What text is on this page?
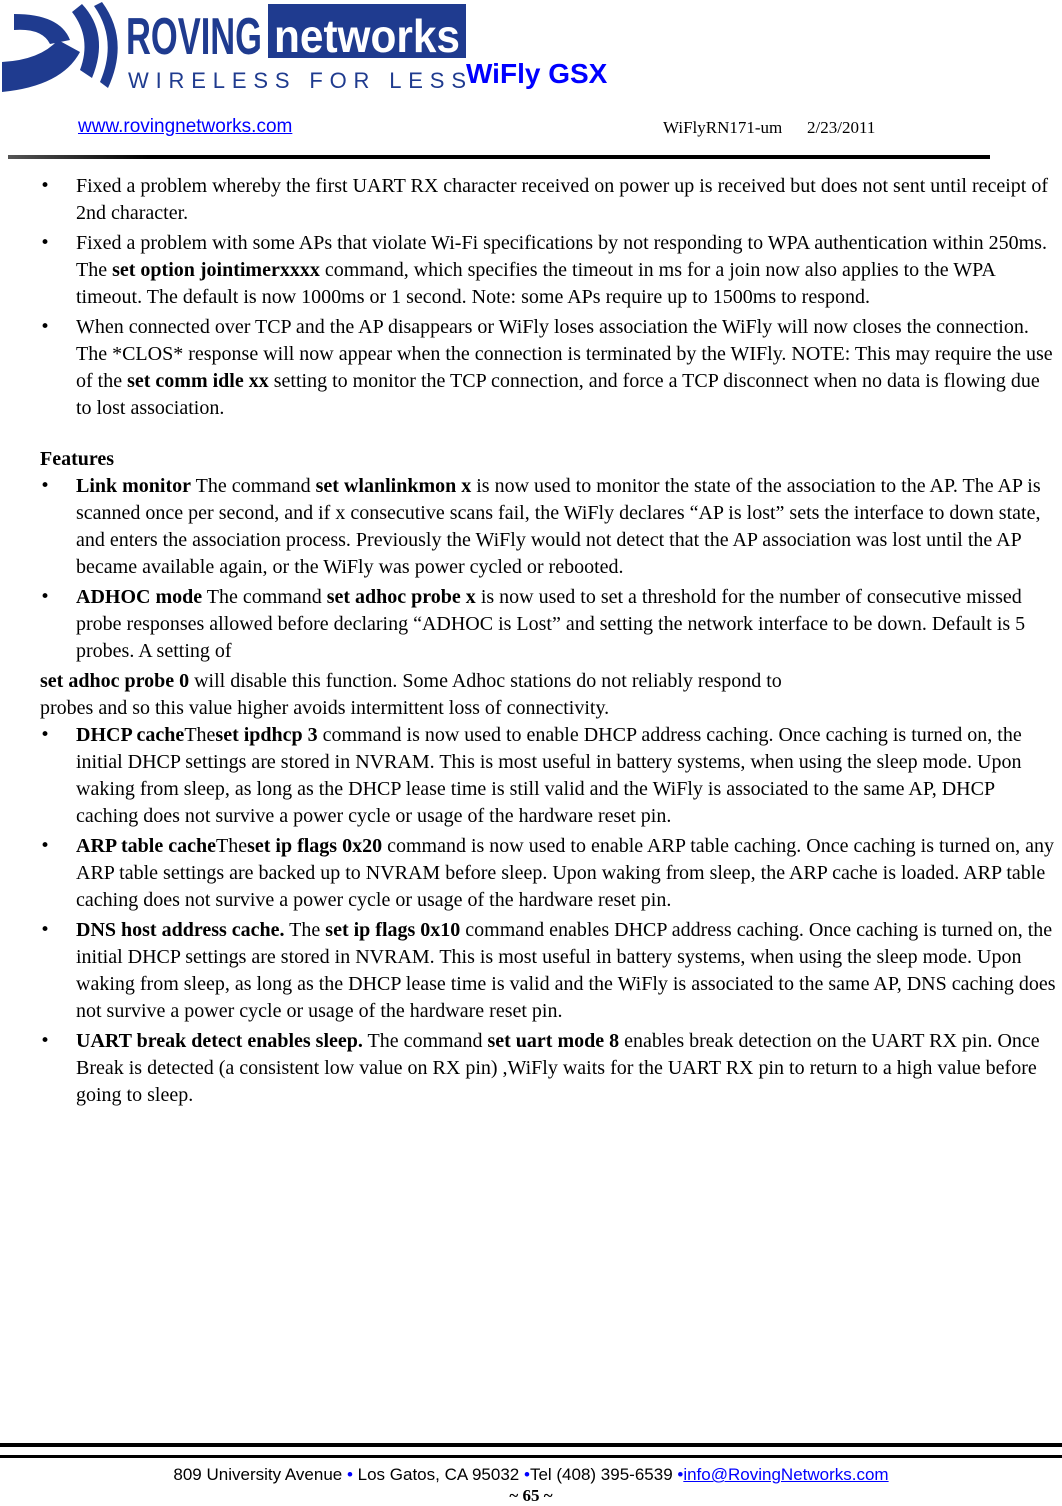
ROVING networks
WIRELESS FOR LESS WiFly GSX
www.rovingnetworks.com	WiFlyRN171-um 2/23/2011
• Fixed a problem whereby the first UART RX character received on power up is received but does not sent until receipt of 2nd character.
• Fixed a problem with some APs that violate Wi-Fi specifications by not responding to WPA authentication within 250ms. The set option jointimerxxxx command, which specifies the timeout in ms for a join now also applies to the WPA timeout. The default is now 1000ms or 1 second. Note: some APs require up to 1500ms to respond.
• When connected over TCP and the AP disappears or WiFly loses association the WiFly will now closes the connection. The *CLOS* response will now appear when the connection is terminated by the WIFly. NOTE: This may require the use of the set comm idle xx setting to monitor the TCP connection, and force a TCP disconnect when no data is flowing due to lost association.
Features
• Link monitor The command set wlanlinkmon x is now used to monitor the state of the association to the AP. The AP is scanned once per second, and if x consecutive scans fail, the WiFly declares “AP is lost” sets the interface to down state, and enters the association process. Previously the WiFly would not detect that the AP association was lost until the AP became available again, or the WiFly was power cycled or rebooted.
• ADHOC mode The command set adhoc probe x is now used to set a threshold for the number of consecutive missed probe responses allowed before declaring “ADHOC is Lost” and setting the network interface to be down. Default is 5 probes. A setting of
set adhoc probe 0 will disable this function. Some Adhoc stations do not reliably respond to
probes and so this value higher avoids intermittent loss of connectivity.
• DHCP cacheTheset ipdhcp 3 command is now used to enable DHCP address caching. Once caching is turned on, the initial DHCP settings are stored in NVRAM. This is most useful in battery systems, when using the sleep mode. Upon waking from sleep, as long as the DHCP lease time is still valid and the WiFly is associated to the same AP, DHCP caching does not survive a power cycle or usage of the hardware reset pin.
• ARP table cacheTheset ip flags 0x20 command is now used to enable ARP table caching. Once caching is turned on, any ARP table settings are backed up to NVRAM before sleep. Upon waking from sleep, the ARP cache is loaded. ARP table caching does not survive a power cycle or usage of the hardware reset pin.
• DNS host address cache. The set ip flags 0x10 command enables DHCP address caching. Once caching is turned on, the initial DHCP settings are stored in NVRAM. This is most useful in battery systems, when using the sleep mode. Upon waking from sleep, as long as the DHCP lease time is valid and the WiFly is associated to the same AP, DNS caching does not survive a power cycle or usage of the hardware reset pin.
• UART break detect enables sleep. The command set uart mode 8 enables break detection on the UART RX pin. Once Break is detected (a consistent low value on RX pin) ,WiFly waits for the UART RX pin to return to a high value before going to sleep.
809 University Avenue • Los Gatos, CA 95032 •Tel (408) 395-6539 •info@RovingNetworks.com
~ 65 ~
